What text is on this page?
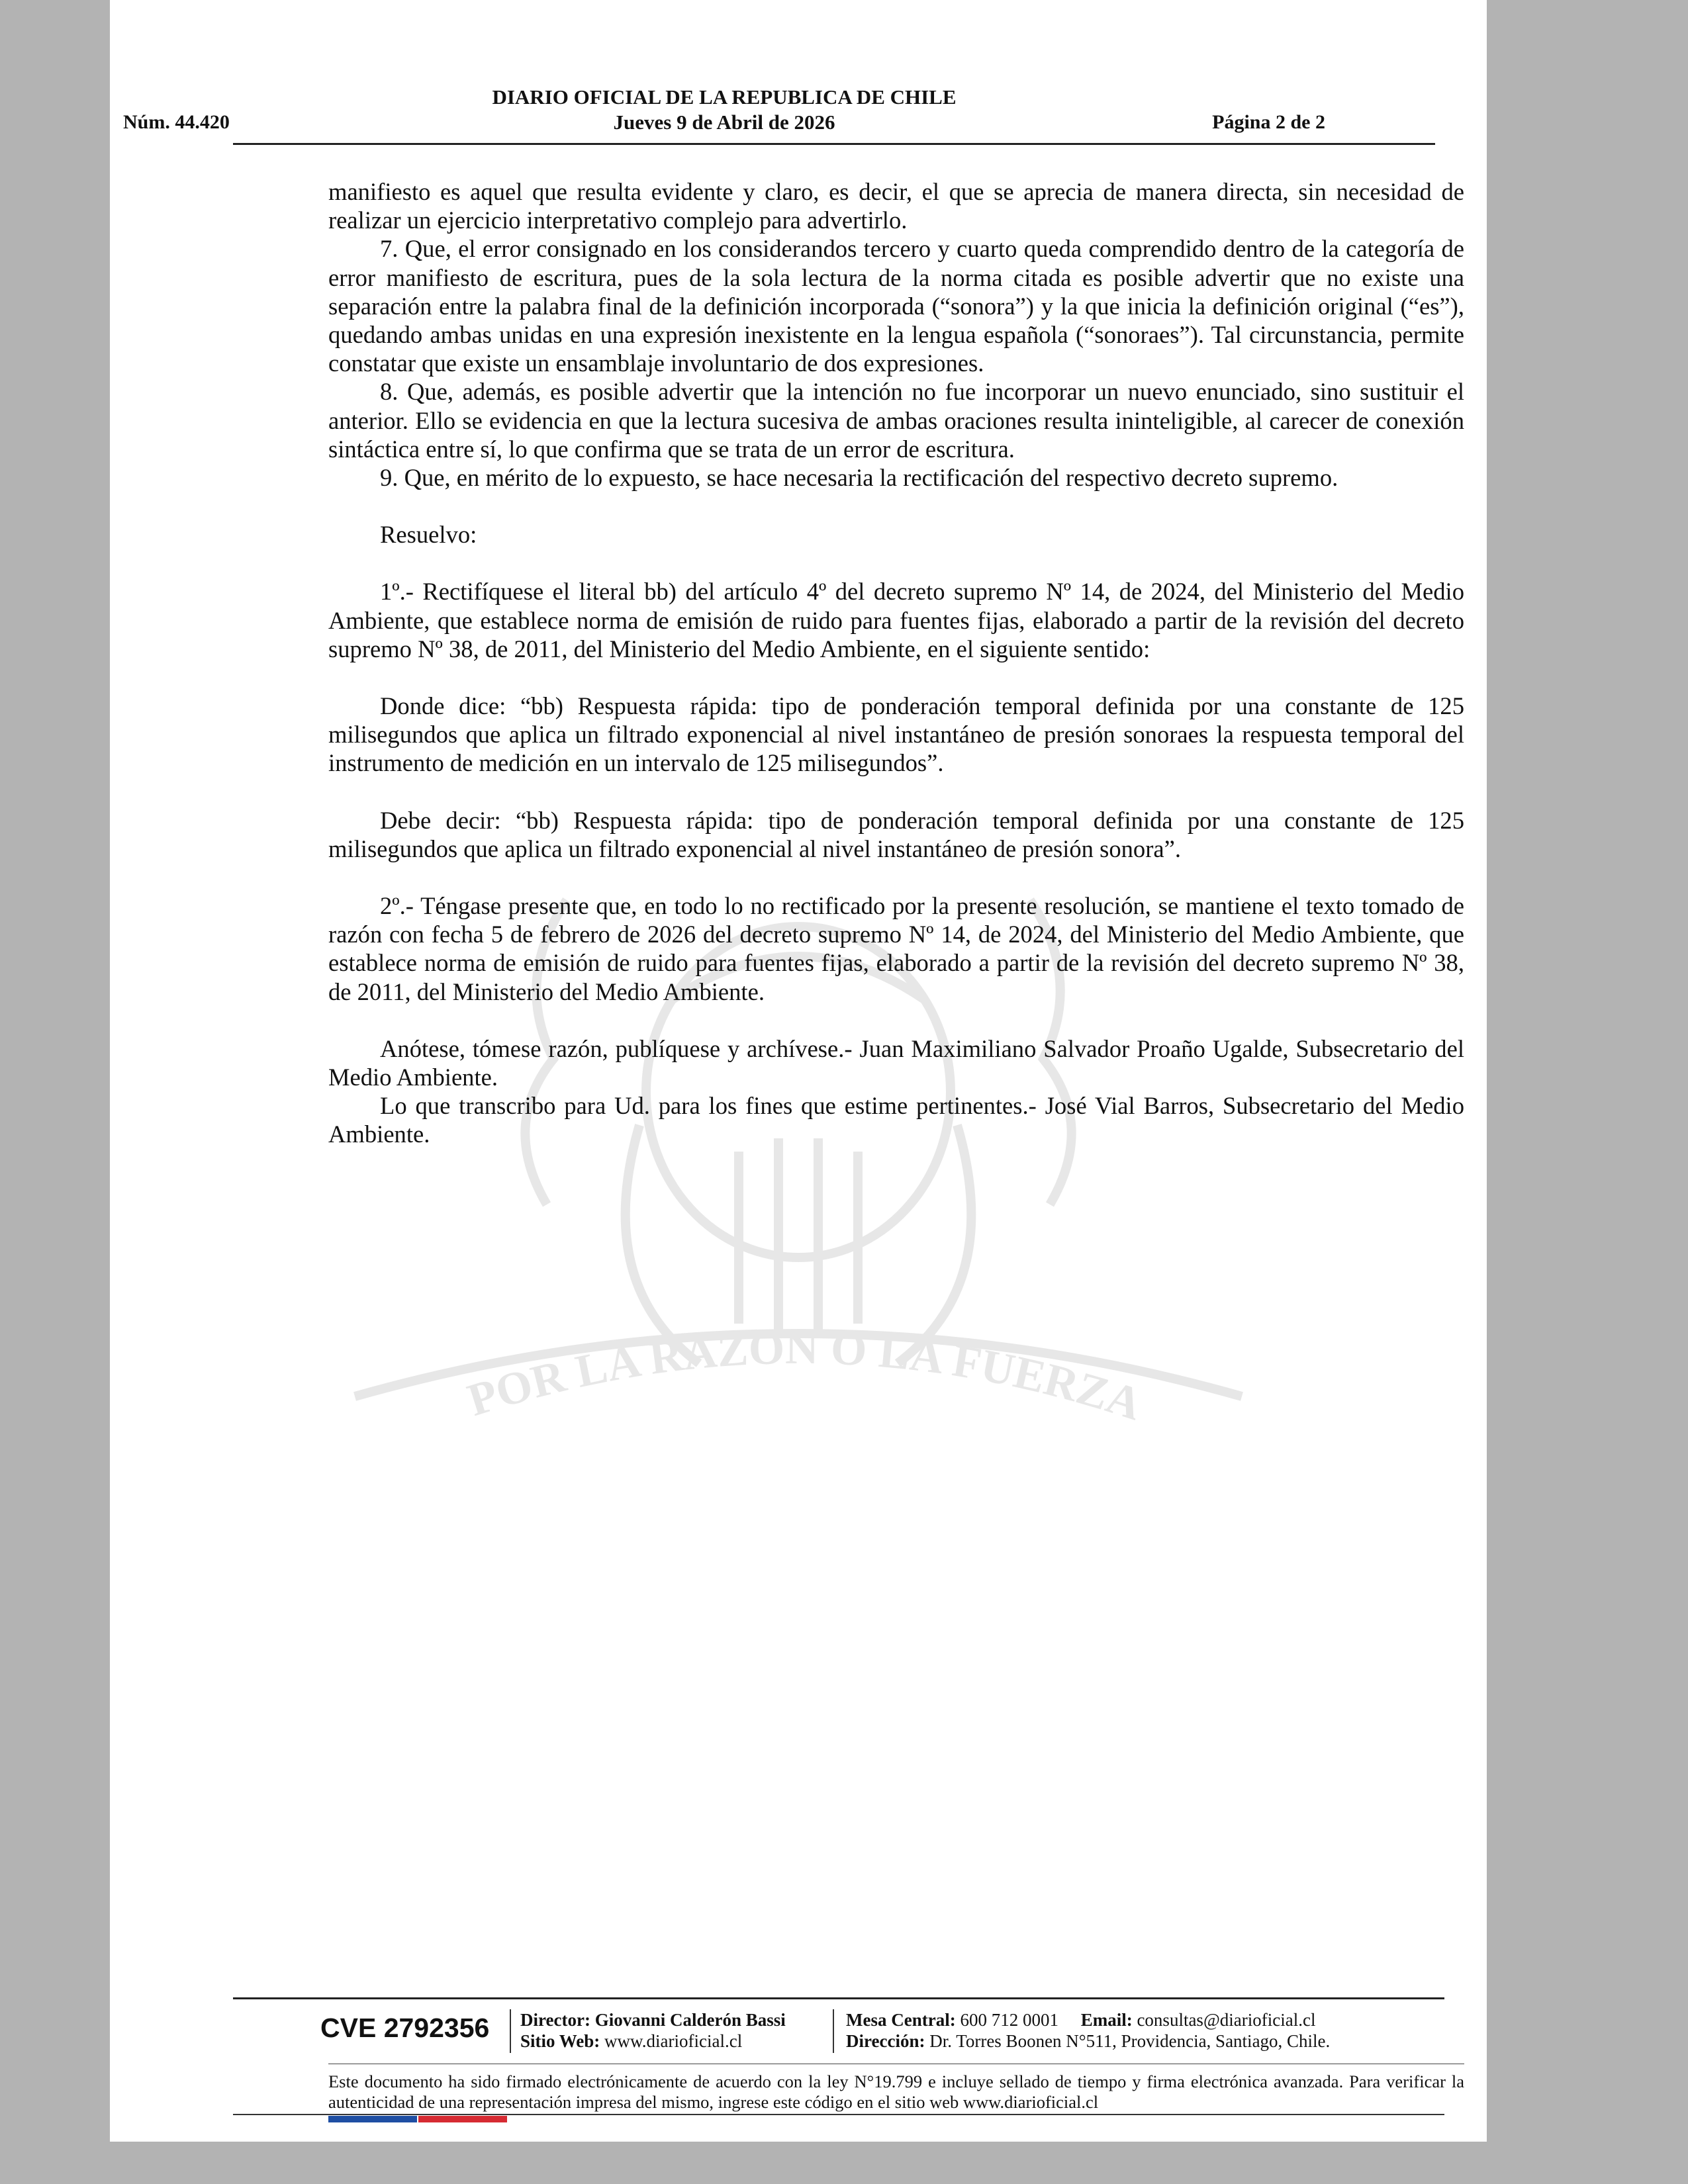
POR LA RAZON O LA FUERZA
DIARIO OFICIAL DE LA REPUBLICA DE CHILE
Jueves 9 de Abril de 2026
Núm. 44.420	Página 2 de 2

manifiesto es aquel que resulta evidente y claro, es decir, el que se aprecia de manera directa, sin necesidad de realizar un ejercicio interpretativo complejo para advertirlo.

7. Que, el error consignado en los considerandos tercero y cuarto queda comprendido dentro de la categoría de error manifiesto de escritura, pues de la sola lectura de la norma citada es posible advertir que no existe una separación entre la palabra final de la definición incorporada (“sonora”) y la que inicia la definición original (“es”), quedando ambas unidas en una expresión inexistente en la lengua española (“sonoraes”). Tal circunstancia, permite constatar que existe un ensamblaje involuntario de dos expresiones.

8. Que, además, es posible advertir que la intención no fue incorporar un nuevo enunciado, sino sustituir el anterior. Ello se evidencia en que la lectura sucesiva de ambas oraciones resulta ininteligible, al carecer de conexión sintáctica entre sí, lo que confirma que se trata de un error de escritura.

9. Que, en mérito de lo expuesto, se hace necesaria la rectificación del respectivo decreto supremo.

Resuelvo:

1º.- Rectifíquese el literal bb) del artículo 4º del decreto supremo Nº 14, de 2024, del Ministerio del Medio Ambiente, que establece norma de emisión de ruido para fuentes fijas, elaborado a partir de la revisión del decreto supremo Nº 38, de 2011, del Ministerio del Medio Ambiente, en el siguiente sentido:

Donde dice: “bb) Respuesta rápida: tipo de ponderación temporal definida por una constante de 125 milisegundos que aplica un filtrado exponencial al nivel instantáneo de presión sonoraes la respuesta temporal del instrumento de medición en un intervalo de 125 milisegundos”.

Debe decir: “bb) Respuesta rápida: tipo de ponderación temporal definida por una constante de 125 milisegundos que aplica un filtrado exponencial al nivel instantáneo de presión sonora”.

2º.- Téngase presente que, en todo lo no rectificado por la presente resolución, se mantiene el texto tomado de razón con fecha 5 de febrero de 2026 del decreto supremo Nº 14, de 2024, del Ministerio del Medio Ambiente, que establece norma de emisión de ruido para fuentes fijas, elaborado a partir de la revisión del decreto supremo Nº 38, de 2011, del Ministerio del Medio Ambiente.

Anótese, tómese razón, publíquese y archívese.- Juan Maximiliano Salvador Proaño Ugalde, Subsecretario del Medio Ambiente.

Lo que transcribo para Ud. para los fines que estime pertinentes.- José Vial Barros, Subsecretario del Medio Ambiente.

CVE 2792356 Director: Giovanni Calderón Bassi
Sitio Web: www.diarioficial.cl
Mesa Central: 600 712 0001 Email: consultas@diarioficial.cl
Dirección: Dr. Torres Boonen N°511, Providencia, Santiago, Chile.
Este documento ha sido firmado electrónicamente de acuerdo con la ley N°19.799 e incluye sellado de tiempo y firma electrónica avanzada. Para verificar la autenticidad de una representación impresa del mismo, ingrese este código en el sitio web www.diarioficial.cl
